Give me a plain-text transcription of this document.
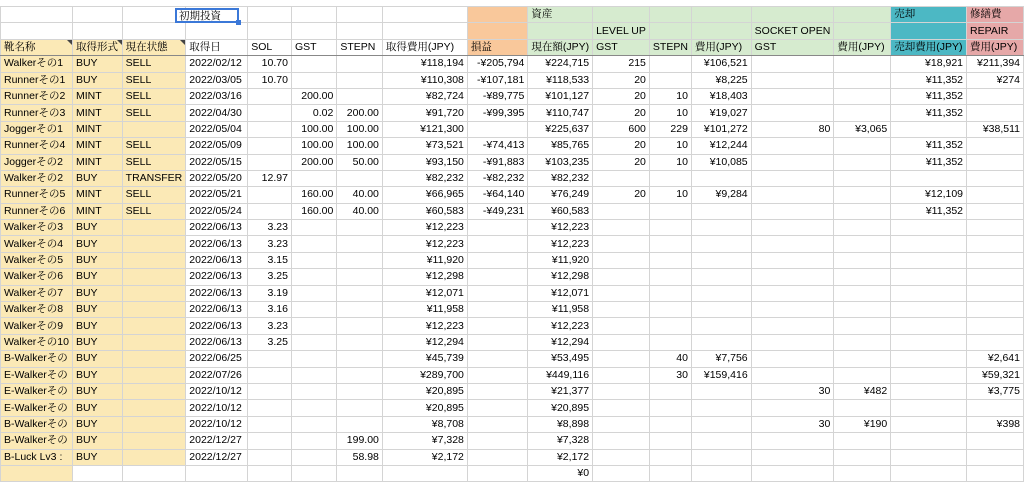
									資産						売却	修繕費
										LEVEL UP			SOCKET OPEN			REPAIR
靴名称	取得形式	現在状態	取得日	SOL	GST	STEPN	取得費用(JPY)	損益	現在額(JPY)	GST	STEPN	費用(JPY)	GST	費用(JPY)	売却費用(JPY)	費用(JPY)
Walkerその1	BUY	SELL	2022/02/12	10.70			¥118,194	-¥205,794	¥224,715	215		¥106,521			¥18,921	¥211,394
Runnerその1	BUY	SELL	2022/03/05	10.70			¥110,308	-¥107,181	¥118,533	20		¥8,225			¥11,352	¥274
Runnerその2	MINT	SELL	2022/03/16		200.00		¥82,724	-¥89,775	¥101,127	20	10	¥18,403			¥11,352	
Runnerその3	MINT	SELL	2022/04/30		0.02	200.00	¥91,720	-¥99,395	¥110,747	20	10	¥19,027			¥11,352	
Joggerその1	MINT		2022/05/04		100.00	100.00	¥121,300		¥225,637	600	229	¥101,272	80	¥3,065		¥38,511
Runnerその4	MINT	SELL	2022/05/09		100.00	100.00	¥73,521	-¥74,413	¥85,765	20	10	¥12,244			¥11,352	
Joggerその2	MINT	SELL	2022/05/15		200.00	50.00	¥93,150	-¥91,883	¥103,235	20	10	¥10,085			¥11,352	
Walkerその2	BUY	TRANSFER	2022/05/20	12.97			¥82,232	-¥82,232	¥82,232							
Runnerその5	MINT	SELL	2022/05/21		160.00	40.00	¥66,965	-¥64,140	¥76,249	20	10	¥9,284			¥12,109	
Runnerその6	MINT	SELL	2022/05/24		160.00	40.00	¥60,583	-¥49,231	¥60,583						¥11,352	
Walkerその3	BUY		2022/06/13	3.23			¥12,223		¥12,223							
Walkerその4	BUY		2022/06/13	3.23			¥12,223		¥12,223							
Walkerその5	BUY		2022/06/13	3.15			¥11,920		¥11,920							
Walkerその6	BUY		2022/06/13	3.25			¥12,298		¥12,298							
Walkerその7	BUY		2022/06/13	3.19			¥12,071		¥12,071							
Walkerその8	BUY		2022/06/13	3.16			¥11,958		¥11,958							
Walkerその9	BUY		2022/06/13	3.23			¥12,223		¥12,223							
Walkerその10	BUY		2022/06/13	3.25			¥12,294		¥12,294							
B-Walkerその	BUY		2022/06/25				¥45,739		¥53,495		40	¥7,756				¥2,641
E-Walkerその	BUY		2022/07/26				¥289,700		¥449,116		30	¥159,416				¥59,321
E-Walkerその	BUY		2022/10/12				¥20,895		¥21,377				30	¥482		¥3,775
E-Walkerその	BUY		2022/10/12				¥20,895		¥20,895							
B-Walkerその	BUY		2022/10/12				¥8,708		¥8,898				30	¥190		¥398
B-Walkerその	BUY		2022/12/27			199.00	¥7,328		¥7,328							
B-Luck Lv3 :	BUY		2022/12/27			58.98	¥2,172		¥2,172							
									¥0							
初期投資
